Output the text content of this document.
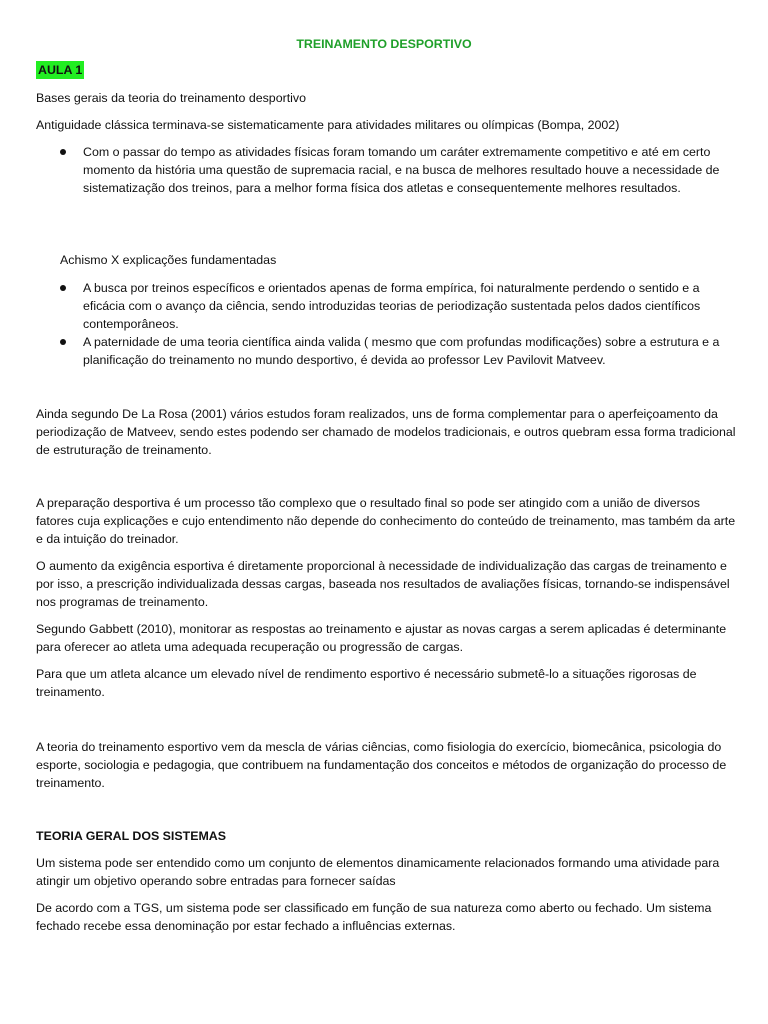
TREINAMENTO DESPORTIVO
AULA 1

Bases gerais da teoria do treinamento desportivo

Antiguidade clássica terminava-se sistematicamente para atividades militares ou olímpicas (Bompa, 2002)

Com o passar do tempo as atividades físicas foram tomando um caráter extremamente competitivo e até em certo momento da história uma questão de supremacia racial, e na busca de melhores resultado houve a necessidade de sistematização dos treinos, para a melhor forma física dos atletas e consequentemente melhores resultados.

Achismo X explicações fundamentadas

A busca por treinos específicos e orientados apenas de forma empírica, foi naturalmente perdendo o sentido e a eficácia com o avanço da ciência, sendo introduzidas teorias de periodização sustentada pelos dados científicos contemporâneos.
A paternidade de uma teoria científica ainda valida ( mesmo que com profundas modificações) sobre a estrutura e a planificação do treinamento no mundo desportivo, é devida ao professor Lev Pavilovit Matveev.

Ainda segundo De La Rosa (2001) vários estudos foram realizados, uns de forma complementar para o aperfeiçoamento da periodização de Matveev, sendo estes podendo ser chamado de modelos tradicionais, e outros quebram essa forma tradicional de estruturação de treinamento.

A preparação desportiva é um processo tão complexo que o resultado final so pode ser atingido com a união de diversos fatores cuja explicações e cujo entendimento não depende do conhecimento do conteúdo de treinamento, mas também da arte e da intuição do treinador.

O aumento da exigência esportiva é diretamente proporcional à necessidade de individualização das cargas de treinamento e por isso, a prescrição individualizada dessas cargas, baseada nos resultados de avaliações físicas, tornando-se indispensável nos programas de treinamento.

Segundo Gabbett (2010), monitorar as respostas ao treinamento e ajustar as novas cargas a serem aplicadas é determinante para oferecer ao atleta uma adequada recuperação ou progressão de cargas.

Para que um atleta alcance um elevado nível de rendimento esportivo é necessário submetê-lo a situações rigorosas de treinamento.

A teoria do treinamento esportivo vem da mescla de várias ciências, como fisiologia do exercício, biomecânica, psicologia do esporte, sociologia e pedagogia, que contribuem na fundamentação dos conceitos e métodos de organização do processo de treinamento.

TEORIA GERAL DOS SISTEMAS

Um sistema pode ser entendido como um conjunto de elementos dinamicamente relacionados formando uma atividade para atingir um objetivo operando sobre entradas para fornecer saídas

De acordo com a TGS, um sistema pode ser classificado em função de sua natureza como aberto ou fechado. Um sistema fechado recebe essa denominação por estar fechado a influências externas.
